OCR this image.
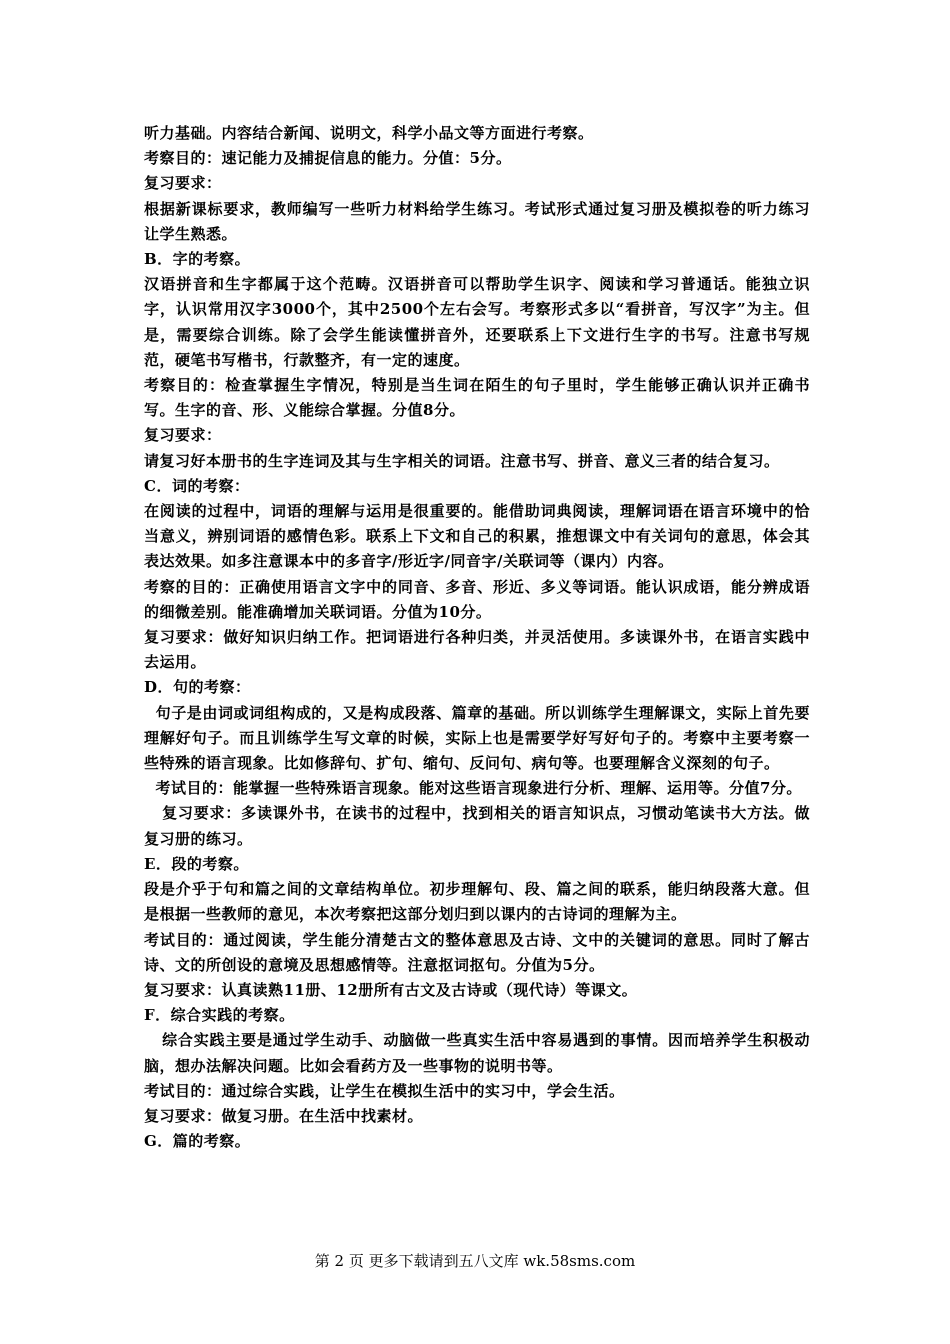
听力基础。内容结合新闻、说明文，科学小品文等方面进行考察。

考察目的：速记能力及捕捉信息的能力。分值：5分。

复习要求：

根据新课标要求，教师编写一些听力材料给学生练习。考试形式通过复习册及模拟卷的听力练习让学生熟悉。

B．字的考察。

汉语拼音和生字都属于这个范畴。汉语拼音可以帮助学生识字、阅读和学习普通话。能独立识字，认识常用汉字3000个，其中2500个左右会写。考察形式多以“看拼音，写汉字”为主。但是，需要综合训练。除了会学生能读懂拼音外，还要联系上下文进行生字的书写。注意书写规范，硬笔书写楷书，行款整齐，有一定的速度。

考察目的：检查掌握生字情况，特别是当生词在陌生的句子里时，学生能够正确认识并正确书写。生字的音、形、义能综合掌握。分值8分。

复习要求：

请复习好本册书的生字连词及其与生字相关的词语。注意书写、拼音、意义三者的结合复习。

C．词的考察：

在阅读的过程中，词语的理解与运用是很重要的。能借助词典阅读，理解词语在语言环境中的恰当意义，辨别词语的感情色彩。联系上下文和自己的积累，推想课文中有关词句的意思，体会其表达效果。如多注意课本中的多音字/形近字/同音字/关联词等（课内）内容。

考察的目的：正确使用语言文字中的同音、多音、形近、多义等词语。能认识成语，能分辨成语的细微差别。能准确增加关联词语。分值为10分。

复习要求：做好知识归纳工作。把词语进行各种归类，并灵活使用。多读课外书，在语言实践中去运用。

D．句的考察：

句子是由词或词组构成的，又是构成段落、篇章的基础。所以训练学生理解课文，实际上首先要理解好句子。而且训练学生写文章的时候，实际上也是需要学好写好句子的。考察中主要考察一些特殊的语言现象。比如修辞句、扩句、缩句、反问句、病句等。也要理解含义深刻的句子。

考试目的：能掌握一些特殊语言现象。能对这些语言现象进行分析、理解、运用等。分值7分。

复习要求：多读课外书，在读书的过程中，找到相关的语言知识点，习惯动笔读书大方法。做复习册的练习。

E．段的考察。

段是介乎于句和篇之间的文章结构单位。初步理解句、段、篇之间的联系，能归纳段落大意。但是根据一些教师的意见，本次考察把这部分划归到以课内的古诗词的理解为主。

考试目的：通过阅读，学生能分清楚古文的整体意思及古诗、文中的关键词的意思。同时了解古诗、文的所创设的意境及思想感情等。注意抠词抠句。分值为5分。

复习要求：认真读熟11册、12册所有古文及古诗或（现代诗）等课文。

F．综合实践的考察。

综合实践主要是通过学生动手、动脑做一些真实生活中容易遇到的事情。因而培养学生积极动脑，想办法解决问题。比如会看药方及一些事物的说明书等。

考试目的：通过综合实践，让学生在模拟生活中的实习中，学会生活。

复习要求：做复习册。在生活中找素材。

G．篇的考察。

第 2 页 更多下载请到五八文库 wk.58sms.com
